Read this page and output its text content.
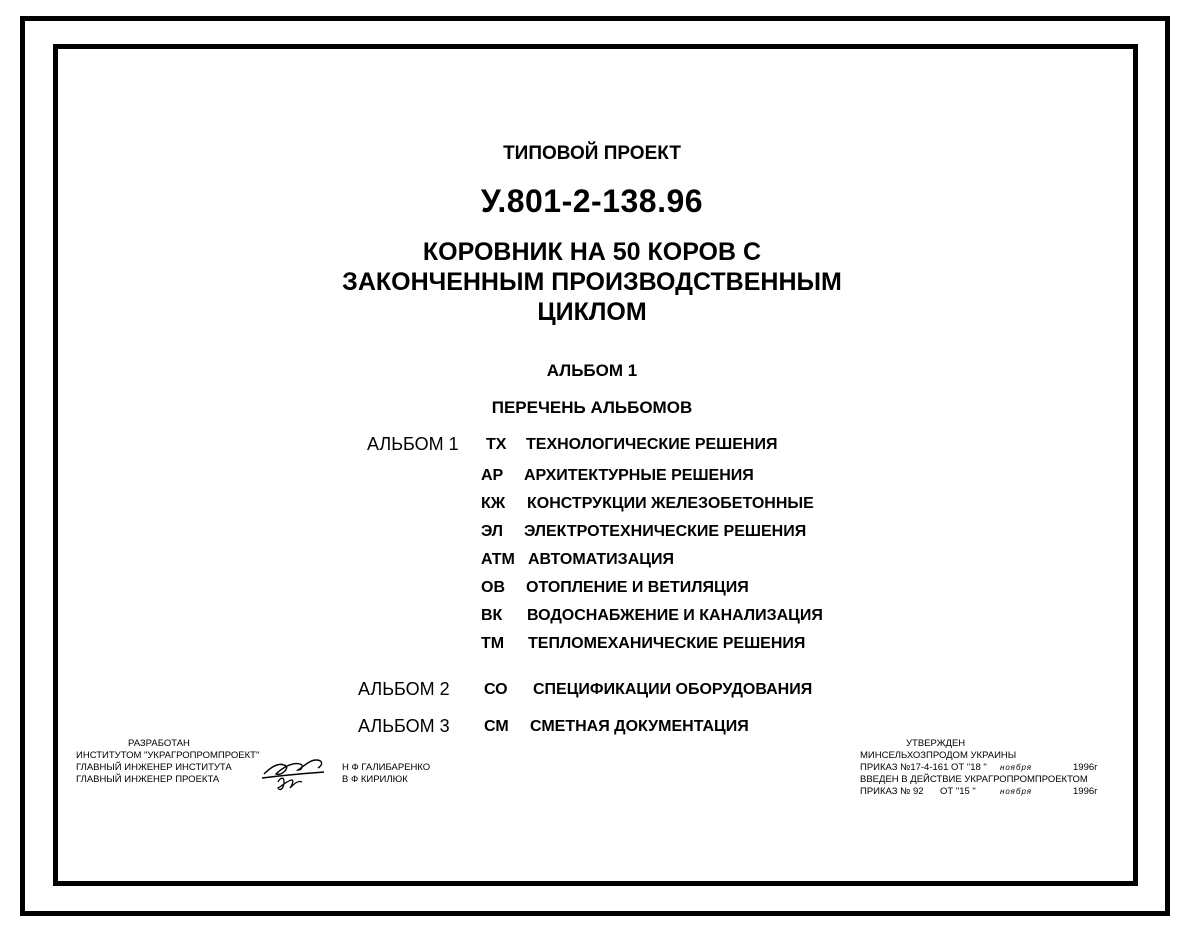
ТИПОВОЙ ПРОЕКТ
У.801-2-138.96
КОРОВНИК НА 50 КОРОВ С
ЗАКОНЧЕННЫМ ПРОИЗВОДСТВЕННЫМ
ЦИКЛОМ
АЛЬБОМ 1
ПЕРЕЧЕНЬ АЛЬБОМОВ
АЛЬБОМ 1 ТХ ТЕХНОЛОГИЧЕСКИЕ РЕШЕНИЯ
АР АРХИТЕКТУРНЫЕ РЕШЕНИЯ
КЖ КОНСТРУКЦИИ ЖЕЛЕЗОБЕТОННЫЕ
ЭЛ ЭЛЕКТРОТЕХНИЧЕСКИЕ РЕШЕНИЯ
АТМ АВТОМАТИЗАЦИЯ
ОВ ОТОПЛЕНИЕ И ВЕТИЛЯЦИЯ
ВК ВОДОСНАБЖЕНИЕ И КАНАЛИЗАЦИЯ
ТМ ТЕПЛОМЕХАНИЧЕСКИЕ РЕШЕНИЯ
АЛЬБОМ 2 СО СПЕЦИФИКАЦИИ ОБОРУДОВАНИЯ
АЛЬБОМ 3 СМ СМЕТНАЯ ДОКУМЕНТАЦИЯ
РАЗРАБОТАН
ИНСТИТУТОМ "УКРАГРОПРОМПРОЕКТ"
ГЛАВНЫЙ ИНЖЕНЕР ИНСТИТУТА
ГЛАВНЫЙ ИНЖЕНЕР ПРОЕКТА
Н Ф ГАЛИБАРЕНКО
В Ф КИРИЛЮК
УТВЕРЖДЕН
МИНСЕЛЬХОЗПРОДОМ УКРАИНЫ
ПРИКАЗ №17-4-161 ОТ "18 " ноября	1996г
ВВЕДЕН В ДЕЙСТВИЕ УКРАГРОПРОМПРОЕКТОМ
ПРИКАЗ № 92 ОТ "15 "	ноября	1996г
